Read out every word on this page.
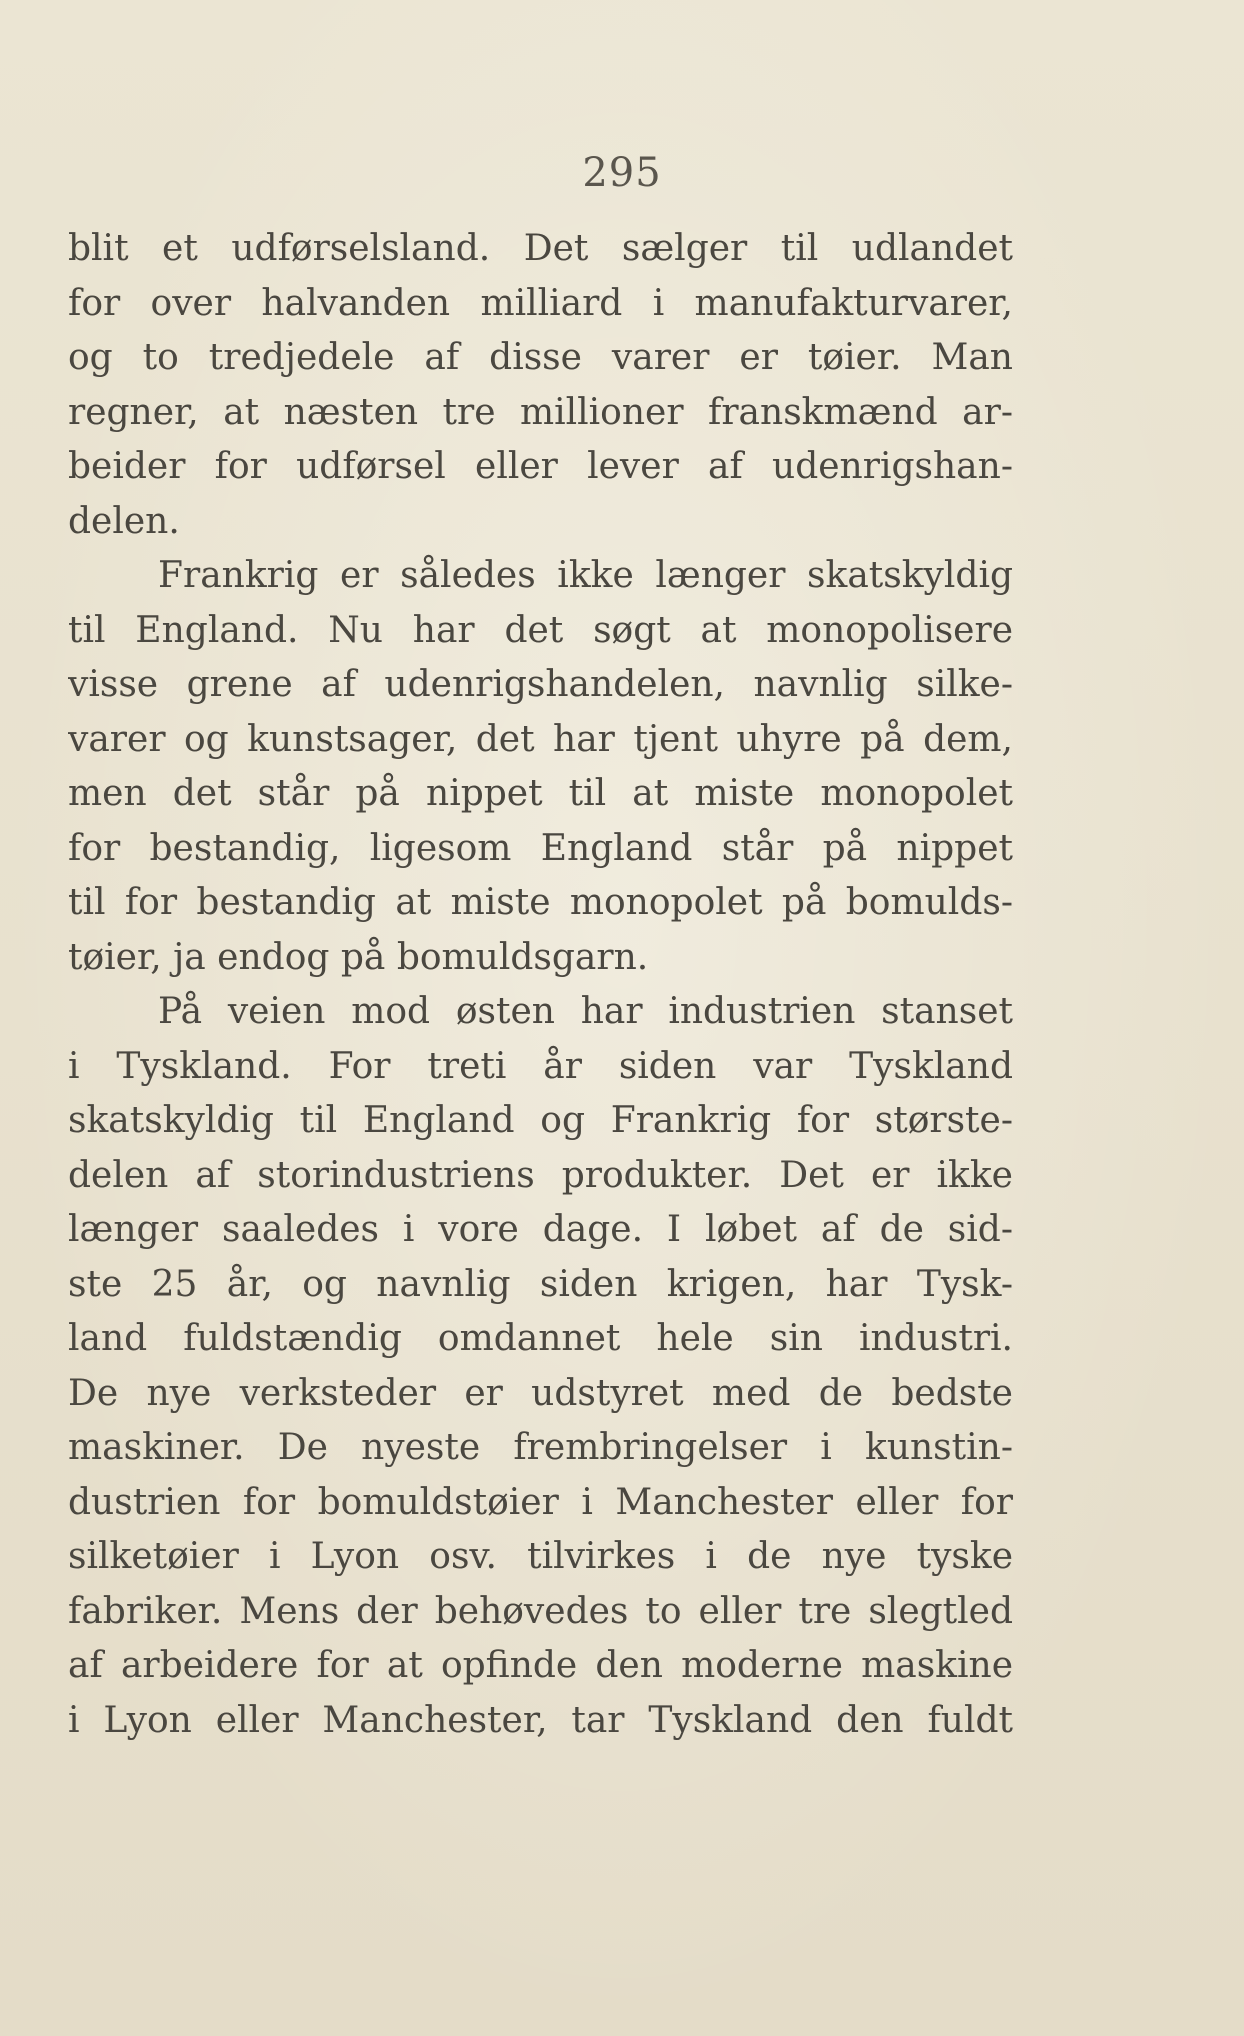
295
blit et udførselsland. Det sælger til udlandet
for over halvanden milliard i manufakturvarer,
og to tredjedele af disse varer er tøier. Man
regner, at næsten tre millioner franskmænd ar-
beider for udførsel eller lever af udenrigshan-
delen.
Frankrig er således ikke længer skatskyldig
til England. Nu har det søgt at monopolisere
visse grene af udenrigshandelen, navnlig silke-
varer og kunstsager, det har tjent uhyre på dem,
men det står på nippet til at miste monopolet
for bestandig, ligesom England står på nippet
til for bestandig at miste monopolet på bomulds-
tøier, ja endog på bomuldsgarn.
På veien mod østen har industrien stanset
i Tyskland. For treti år siden var Tyskland
skatskyldig til England og Frankrig for største-
delen af storindustriens produkter. Det er ikke
længer saaledes i vore dage. I løbet af de sid-
ste 25 år, og navnlig siden krigen, har Tysk-
land fuldstændig omdannet hele sin industri.
De nye verksteder er udstyret med de bedste
maskiner. De nyeste frembringelser i kunstin-
dustrien for bomuldstøier i Manchester eller for
silketøier i Lyon osv. tilvirkes i de nye tyske
fabriker. Mens der behøvedes to eller tre slegtled
af arbeidere for at opfinde den moderne maskine
i Lyon eller Manchester, tar Tyskland den fuldt
